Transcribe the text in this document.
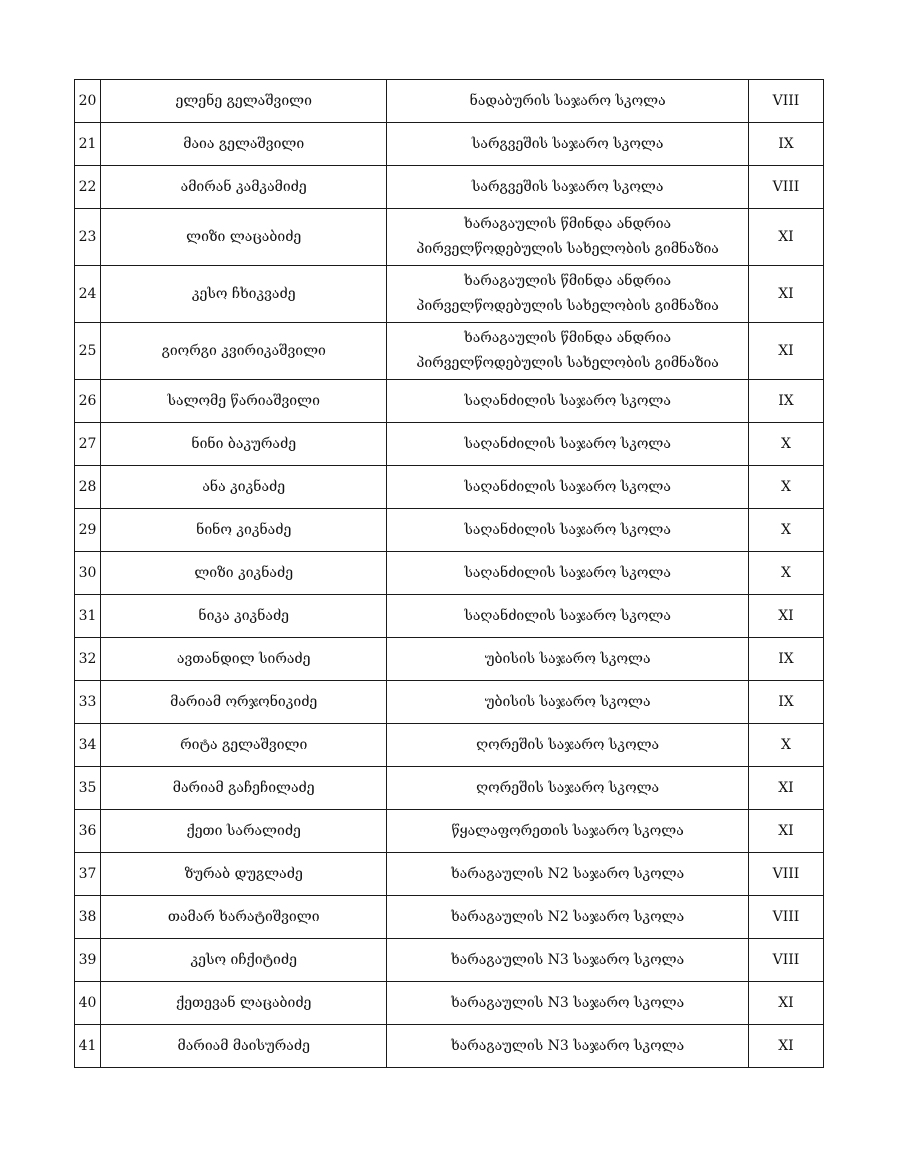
20	ელენე გელაშვილი	ნადაბურის საჯარო სკოლა	VIII
21	მაია გელაშვილი	სარგვეშის საჯარო სკოლა	IX
22	ამირან კამკამიძე	სარგვეშის საჯარო სკოლა	VIII
23	ლიზი ლაცაბიძე	ხარაგაულის წმინდა ანდრია
პირველწოდებულის სახელობის გიმნაზია	XI
24	კესო ჩხიკვაძე	ხარაგაულის წმინდა ანდრია
პირველწოდებულის სახელობის გიმნაზია	XI
25	გიორგი კვირიკაშვილი	ხარაგაულის წმინდა ანდრია
პირველწოდებულის სახელობის გიმნაზია	XI
26	სალომე წარიაშვილი	საღანძილის საჯარო სკოლა	IX
27	ნინი ბაკურაძე	საღანძილის საჯარო სკოლა	X
28	ანა კიკნაძე	საღანძილის საჯარო სკოლა	X
29	ნინო კიკნაძე	საღანძილის საჯარო სკოლა	X
30	ლიზი კიკნაძე	საღანძილის საჯარო სკოლა	X
31	ნიკა კიკნაძე	საღანძილის საჯარო სკოლა	XI
32	ავთანდილ სირაძე	უბისის საჯარო სკოლა	IX
33	მარიამ ორჯონიკიძე	უბისის საჯარო სკოლა	IX
34	რიტა გელაშვილი	ღორეშის საჯარო სკოლა	X
35	მარიამ გაჩეჩილაძე	ღორეშის საჯარო სკოლა	XI
36	ქეთი სარალიძე	წყალაფორეთის საჯარო სკოლა	XI
37	ზურაბ დუგლაძე	ხარაგაულის N2 საჯარო სკოლა	VIII
38	თამარ ხარატიშვილი	ხარაგაულის N2 საჯარო სკოლა	VIII
39	კესო იჩქიტიძე	ხარაგაულის N3 საჯარო სკოლა	VIII
40	ქეთევან ლაცაბიძე	ხარაგაულის N3 საჯარო სკოლა	XI
41	მარიამ მაისურაძე	ხარაგაულის N3 საჯარო სკოლა	XI
